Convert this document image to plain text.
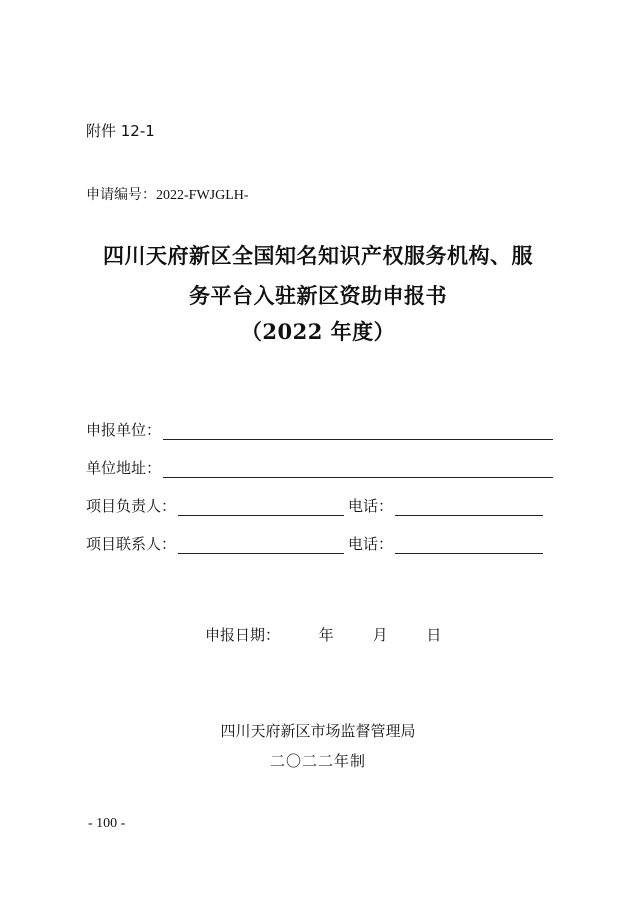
附件 12-1
申请编号：2022-FWJGLH-
四川天府新区全国知名知识产权服务机构、服
务平台入驻新区资助申报书
（2022 年度）
申报单位：
单位地址：
项目负责人：	电话：
项目联系人：	电话：
申报日期：	年	月	日
四川天府新区市场监督管理局
二〇二二年制
- 100 -
